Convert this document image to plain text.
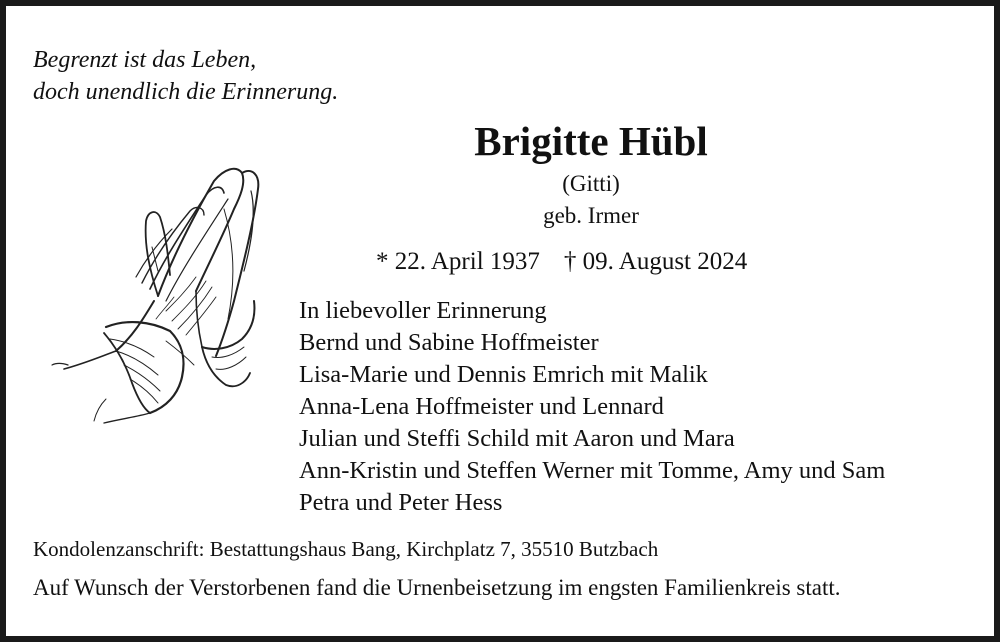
Begrenzt ist das Leben,
doch unendlich die Erinnerung.
Brigitte Hübl
(Gitti)
geb. Irmer
* 22. April 1937 † 09. August 2024
In liebevoller Erinnerung
Bernd und Sabine Hoffmeister
Lisa-Marie und Dennis Emrich mit Malik
Anna-Lena Hoffmeister und Lennard
Julian und Steffi Schild mit Aaron und Mara
Ann-Kristin und Steffen Werner mit Tomme, Amy und Sam
Petra und Peter Hess
Kondolenzanschrift: Bestattungshaus Bang, Kirchplatz 7, 35510 Butzbach
Auf Wunsch der Verstorbenen fand die Urnenbeisetzung im engsten Familienkreis statt.
